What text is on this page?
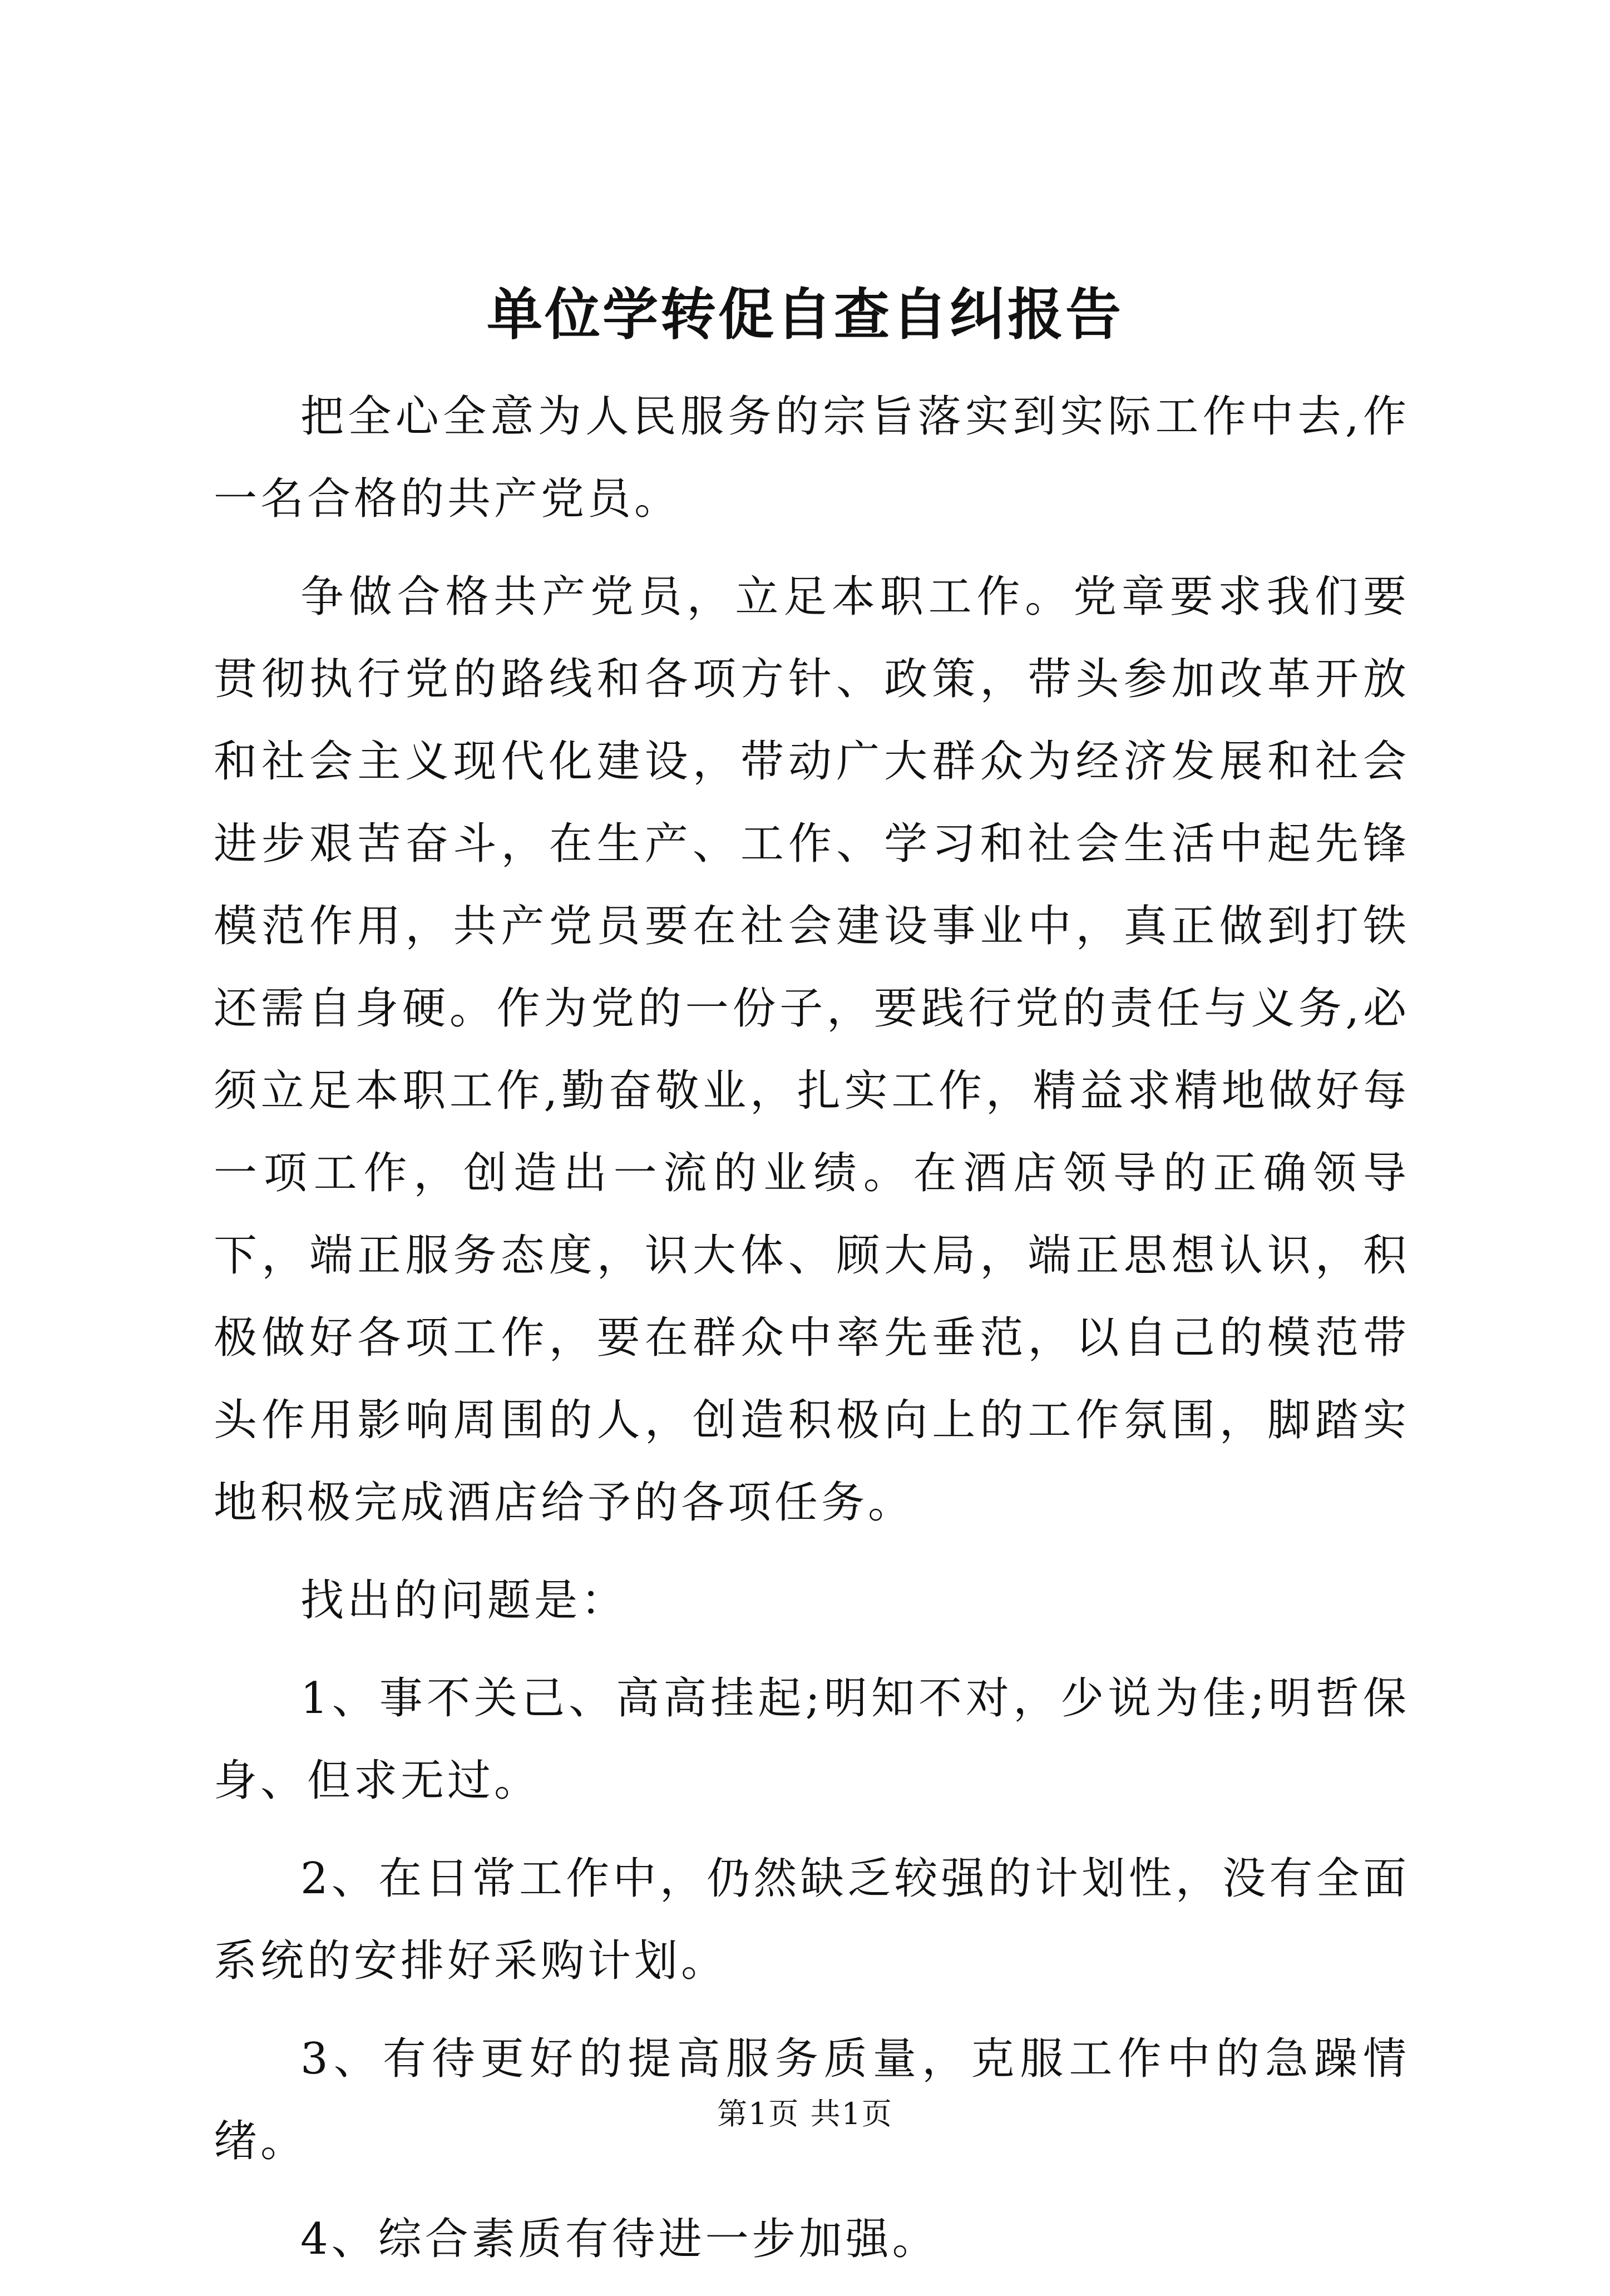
单位学转促自查自纠报告

把全心全意为人民服务的宗旨落实到实际工作中去,作一名合格的共产党员。

争做合格共产党员，立足本职工作。党章要求我们要贯彻执行党的路线和各项方针、政策，带头参加改革开放和社会主义现代化建设，带动广大群众为经济发展和社会进步艰苦奋斗，在生产、工作、学习和社会生活中起先锋模范作用，共产党员要在社会建设事业中，真正做到打铁还需自身硬。作为党的一份子，要践行党的责任与义务,必须立足本职工作,勤奋敬业，扎实工作，精益求精地做好每一项工作，创造出一流的业绩。在酒店领导的正确领导下，端正服务态度，识大体、顾大局，端正思想认识，积极做好各项工作，要在群众中率先垂范，以自己的模范带头作用影响周围的人，创造积极向上的工作氛围，脚踏实地积极完成酒店给予的各项任务。

找出的问题是：

1、事不关己、高高挂起;明知不对，少说为佳;明哲保身、但求无过。

2、在日常工作中，仍然缺乏较强的计划性，没有全面系统的安排好采购计划。

3、有待更好的提高服务质量，克服工作中的急躁情绪。

4、综合素质有待进一步加强。

第1页 共1页
